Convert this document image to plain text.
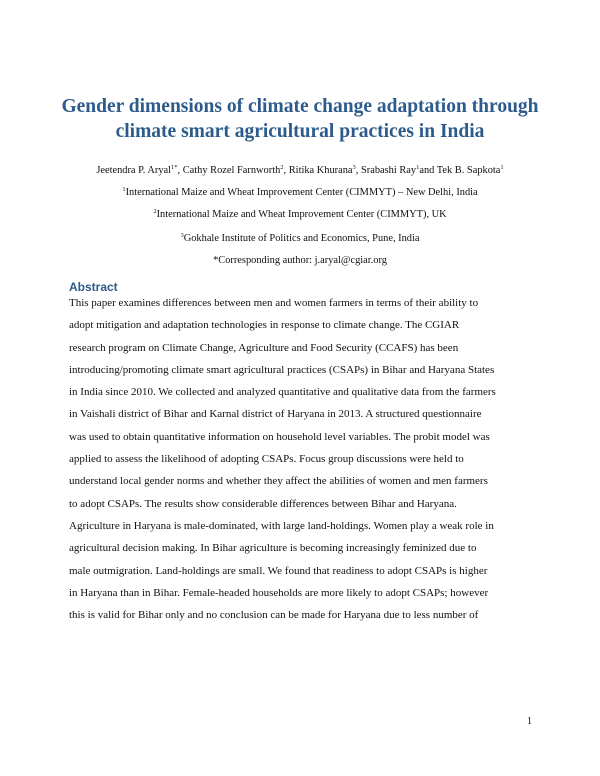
Gender dimensions of climate change adaptation through climate smart agricultural practices in India
Jeetendra P. Aryal$^{1*}$, Cathy Rozel Farnworth$^2$, Ritika Khurana$^3$, Srabashi Ray$^1$and Tek B. Sapkota$^1$
$^1$International Maize and Wheat Improvement Center (CIMMYT) – New Delhi, India
$^2$International Maize and Wheat Improvement Center (CIMMYT), UK
$^3$Gokhale Institute of Politics and Economics, Pune, India
*Corresponding author: j.aryal@cgiar.org
Abstract

This paper examines differences between men and women farmers in terms of their ability to
adopt mitigation and adaptation technologies in response to climate change. The CGIAR
research program on Climate Change, Agriculture and Food Security (CCAFS) has been
introducing/promoting climate smart agricultural practices (CSAPs) in Bihar and Haryana States
in India since 2010. We collected and analyzed quantitative and qualitative data from the farmers
in Vaishali district of Bihar and Karnal district of Haryana in 2013. A structured questionnaire
was used to obtain quantitative information on household level variables. The probit model was
applied to assess the likelihood of adopting CSAPs. Focus group discussions were held to
understand local gender norms and whether they affect the abilities of women and men farmers
to adopt CSAPs. The results show considerable differences between Bihar and Haryana.
Agriculture in Haryana is male-dominated, with large land-holdings. Women play a weak role in
agricultural decision making. In Bihar agriculture is becoming increasingly feminized due to
male outmigration. Land-holdings are small. We found that readiness to adopt CSAPs is higher
in Haryana than in Bihar. Female-headed households are more likely to adopt CSAPs; however
this is valid for Bihar only and no conclusion can be made for Haryana due to less number of

1
